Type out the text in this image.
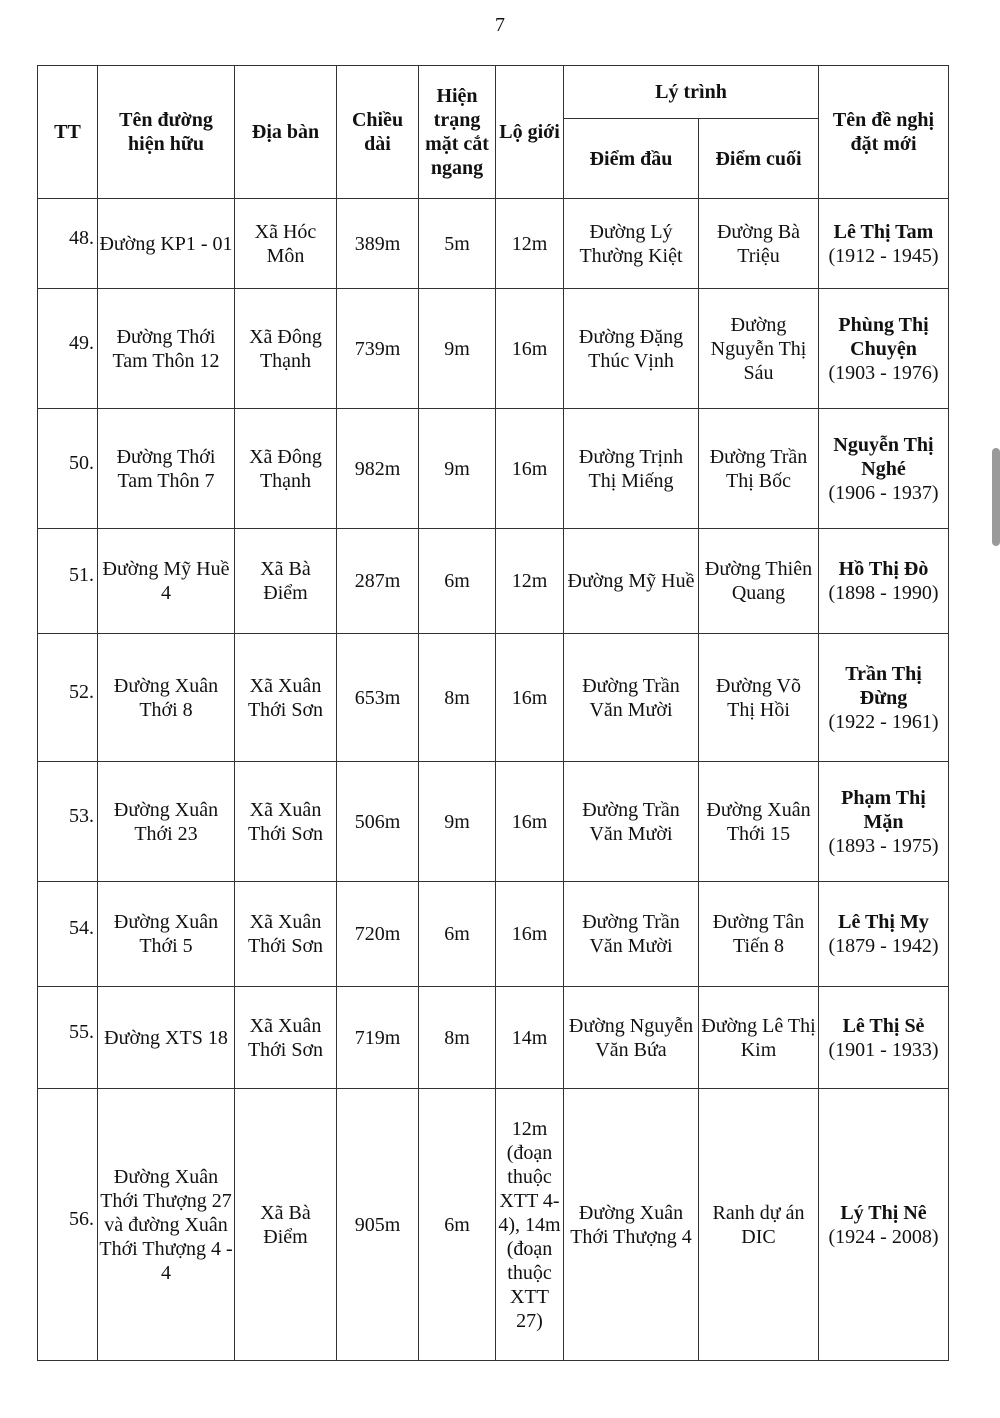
7
TT	Tên đường hiện hữu	Địa bàn	Chiều dài	Hiện trạng mặt cắt ngang	Lộ giới	Lý trình		Tên đề nghị đặt mới
						Điểm đầu	Điểm cuối	
48.	Đường KP1 - 01	Xã Hóc Môn	389m	5m	12m	Đường Lý Thường Kiệt	Đường Bà Triệu	Lê Thị Tam
(1912 - 1945)

49.	Đường Thới Tam Thôn 12	Xã Đông Thạnh	739m	9m	16m	Đường Đặng Thúc Vịnh	Đường Nguyễn Thị Sáu	Phùng Thị Chuyện
(1903 - 1976)

50.	Đường Thới Tam Thôn 7	Xã Đông Thạnh	982m	9m	16m	Đường Trịnh Thị Miếng	Đường Trần Thị Bốc	Nguyễn Thị Nghé
(1906 - 1937)

51.	Đường Mỹ Huề 4	Xã Bà Điểm	287m	6m	12m	Đường Mỹ Huề	Đường Thiên Quang	Hồ Thị Đò
(1898 - 1990)

52.	Đường Xuân Thới 8	Xã Xuân Thới Sơn	653m	8m	16m	Đường Trần Văn Mười	Đường Võ Thị Hồi	Trần Thị Đừng
(1922 - 1961)

53.	Đường Xuân Thới 23	Xã Xuân Thới Sơn	506m	9m	16m	Đường Trần Văn Mười	Đường Xuân Thới 15	Phạm Thị Mặn
(1893 - 1975)

54.	Đường Xuân Thới 5	Xã Xuân Thới Sơn	720m	6m	16m	Đường Trần Văn Mười	Đường Tân Tiến 8	Lê Thị My
(1879 - 1942)

55.	Đường XTS 18	Xã Xuân Thới Sơn	719m	8m	14m	Đường Nguyễn Văn Bứa	Đường Lê Thị Kim	Lê Thị Sẻ
(1901 - 1933)

56.	Đường Xuân Thới Thượng 27 và đường Xuân Thới Thượng 4 - 4	Xã Bà Điểm	905m	6m	12m (đoạn thuộc XTT 4-4), 14m (đoạn thuộc XTT 27)	Đường Xuân Thới Thượng 4	Ranh dự án DIC	Lý Thị Nê
(1924 - 2008)
